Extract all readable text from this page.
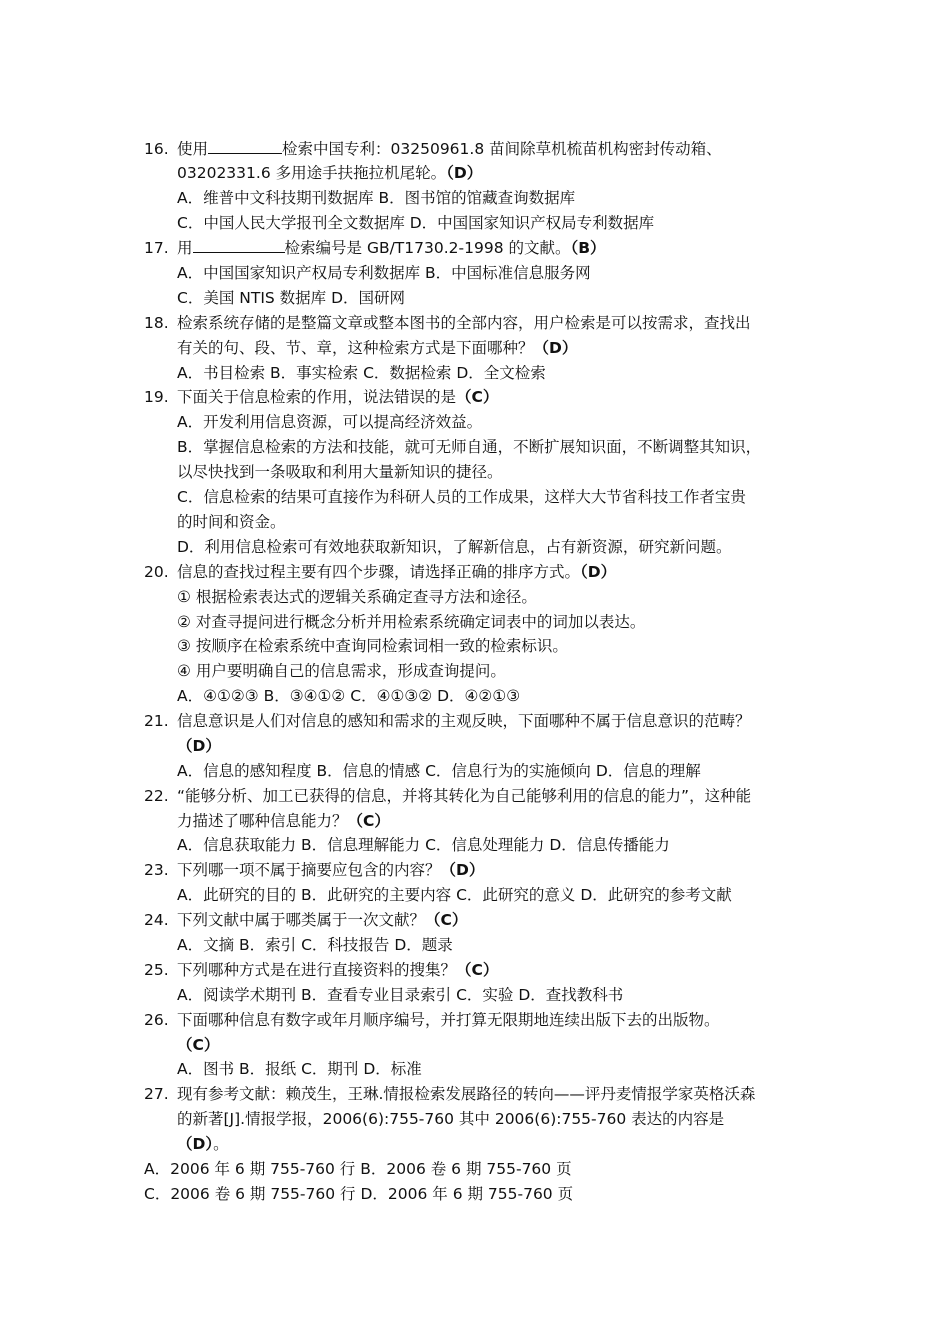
16. 使用	检索中国专利：03250961.8 苗间除草机梳苗机构密封传动箱、
03202331.6 多用途手扶拖拉机尾轮。（D）
A．维普中文科技期刊数据库 B．图书馆的馆藏查询数据库
C．中国人民大学报刊全文数据库 D．中国国家知识产权局专利数据库
17. 用	检索编号是 GB/T1730.2-1998 的文献。（B）
A．中国国家知识产权局专利数据库 B．中国标准信息服务网
C．美国 NTIS 数据库 D．国研网
18. 检索系统存储的是整篇文章或整本图书的全部内容，用户检索是可以按需求，查找出
有关的句、段、节、章，这种检索方式是下面哪种？（D）
A．书目检索 B．事实检索 C．数据检索 D．全文检索
19. 下面关于信息检索的作用，说法错误的是（C）
A．开发利用信息资源，可以提高经济效益。
B．掌握信息检索的方法和技能，就可无师自通，不断扩展知识面，不断调整其知识，
以尽快找到一条吸取和利用大量新知识的捷径。
C．信息检索的结果可直接作为科研人员的工作成果，这样大大节省科技工作者宝贵
的时间和资金。
D．利用信息检索可有效地获取新知识，了解新信息，占有新资源，研究新问题。
20. 信息的查找过程主要有四个步骤，请选择正确的排序方式。（D）
① 根据检索表达式的逻辑关系确定查寻方法和途径。
② 对查寻提问进行概念分析并用检索系统确定词表中的词加以表达。
③ 按顺序在检索系统中查询同检索词相一致的检索标识。
④ 用户要明确自己的信息需求，形成查询提问。
A．④①②③ B．③④①② C．④①③② D．④②①③
21. 信息意识是人们对信息的感知和需求的主观反映，下面哪种不属于信息意识的范畴？
（D）
A．信息的感知程度 B．信息的情感 C．信息行为的实施倾向 D．信息的理解
22. “能够分析、加工已获得的信息，并将其转化为自己能够利用的信息的能力”，这种能
力描述了哪种信息能力？（C）
A．信息获取能力 B．信息理解能力 C．信息处理能力 D．信息传播能力
23. 下列哪一项不属于摘要应包含的内容？（D）
A．此研究的目的 B．此研究的主要内容 C．此研究的意义 D．此研究的参考文献
24. 下列文献中属于哪类属于一次文献？（C）
A．文摘 B．索引 C．科技报告 D．题录
25. 下列哪种方式是在进行直接资料的搜集？（C）
A．阅读学术期刊 B．查看专业目录索引 C．实验 D．查找教科书
26. 下面哪种信息有数字或年月顺序编号，并打算无限期地连续出版下去的出版物。
（C）
A．图书 B．报纸 C．期刊 D．标准
27. 现有参考文献：赖茂生，王琳.情报检索发展路径的转向——评丹麦情报学家英格沃森
的新著[J].情报学报，2006(6):755-760 其中 2006(6):755-760 表达的内容是
（D）。
A．2006 年 6 期 755-760 行 B．2006 卷 6 期 755-760 页
C．2006 卷 6 期 755-760 行 D．2006 年 6 期 755-760 页
